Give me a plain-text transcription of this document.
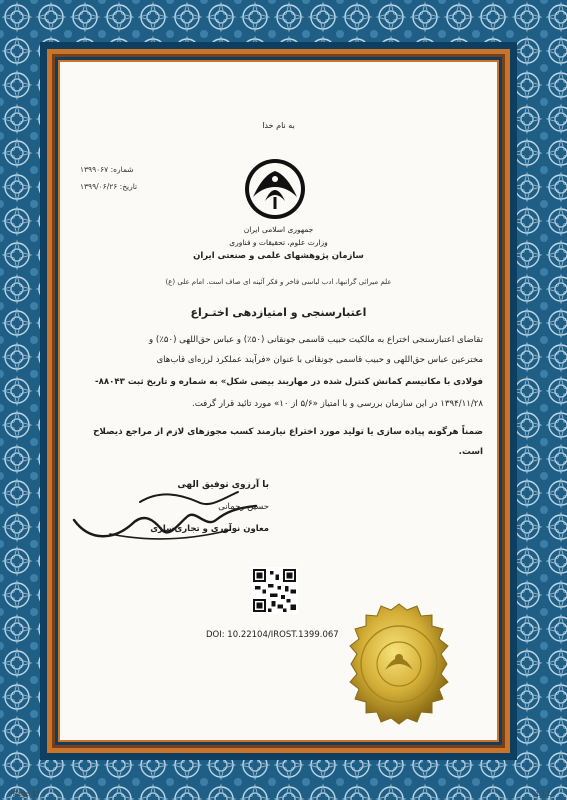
به نام خدا

شماره: ۱۳۹۹۰۶۷

تاریخ: ۱۳۹۹/۰۶/۲۶

جمهوری اسلامی ایران

وزارت علوم، تحقیقات و فناوری

سازمان پژوهشهای علمی و صنعتی ایران

علم میراثی گرانبها، ادب لباسی فاخر و فکر آئینه ای صاف است. امام علی (ع)

اعتبارسنجی و امتیازدهی اختـراع

تقاضای اعتبارسنجی اختراع به مالکیت حبیب قاسمی جونقانی (۵۰٪) و عباس حق‌اللهی (۵۰٪) و

مخترعین عباس حق‌اللهی و حبیب قاسمی جونقانی با عنوان «فرآیند عملکرد لرزه‌ای قاب‌های

فولادی با مکانیسم کمانش کنترل شده در مهاربند بیضی شکل» به شماره و تاریخ ثبت ۸۸۰۴۳-

۱۳۹۴/۱۱/۲۸ در این سازمان بررسی و با امتیاز «۵/۶ از ۱۰» مورد تائید قرار گرفت.

ضمناً هرگونه پیاده سازی یا تولید مورد اختراع نیازمند کسب مجوزهای لازم از مراجع ذیصلاح

است.

با آرزوی توفیق الهی

حسین رحمانی

معاون نوآوری و تجاری‌سازی

DOI: 10.22104/IROST.1399.067

(Page 1)	1 / 1
